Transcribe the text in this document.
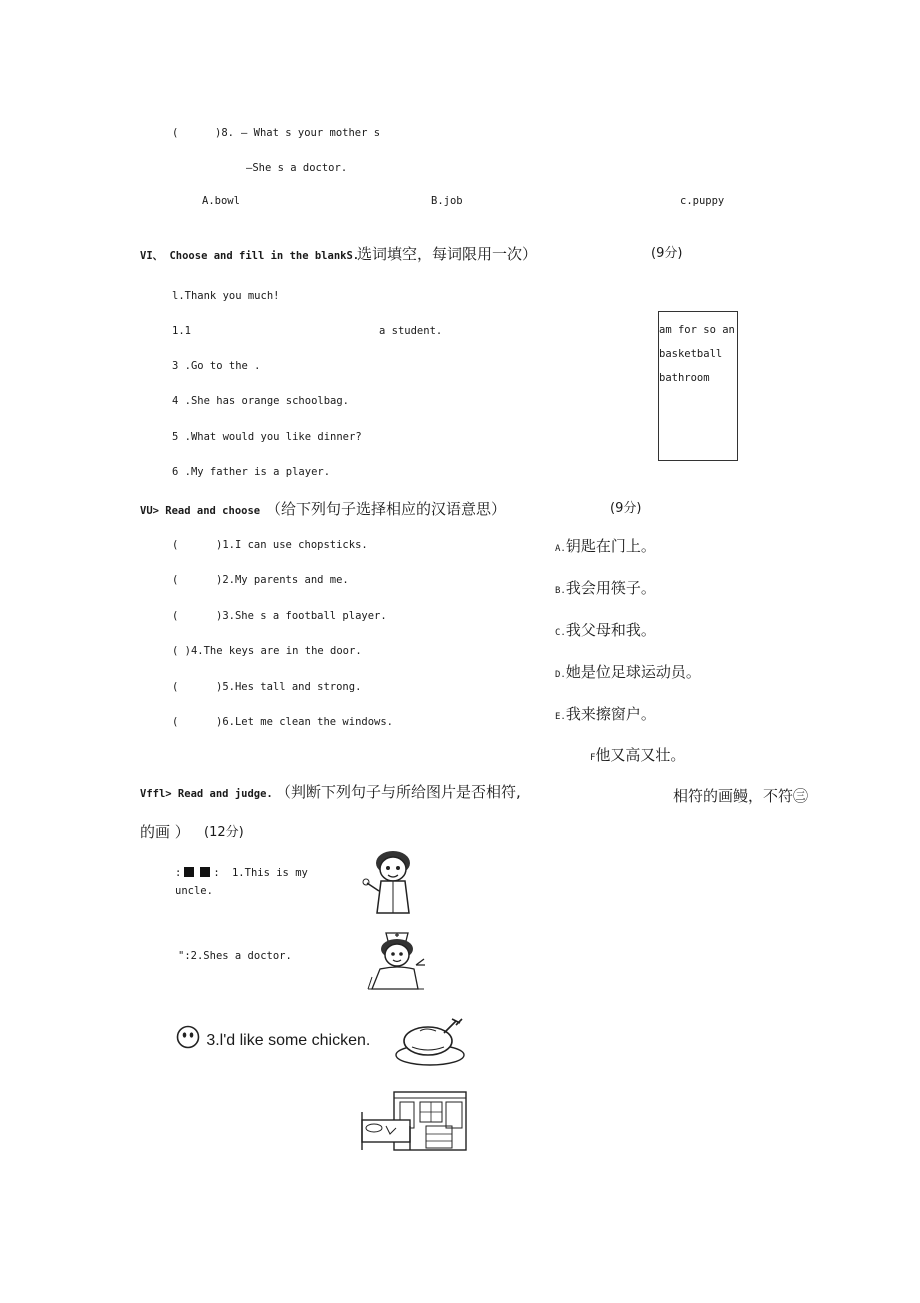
(	)8. — What s your mother s
—She s a doctor.
A.bowl	B.job	c.puppy
VI、 Choose and fill in the blankS.
选词填空，每词限用一次）	(9分)
l.Thank you much!
1.1	a student.
3 .Go to the .
4 .She has orange schoolbag.
5 .What would you like dinner?
6 .My father is a player.
am for so an
basketball
bathroom
VU> Read and choose （给下列句子选择相应的汉语意思）	(9分)
(	)1.I can use chopsticks.
(	)2.My parents and me.
(	)3.She s a football player.
( )4.The keys are in the door.
(	)5.Hes tall and strong.
(	)6.Let me clean the windows.
A.钥匙在门上。
B.我会用筷子。
C.我父母和我。
D.她是位足球运动员。
E.我来擦窗户。
F他又高又壮。
Vffl> Read and judge. （判断下列句子与所给图片是否相符,	相符的画鳗，不符㊂
的画 ） (12分)
:	: 1.This is my
uncle.
":2.Shes a doctor.
3.l'd like some chicken.
